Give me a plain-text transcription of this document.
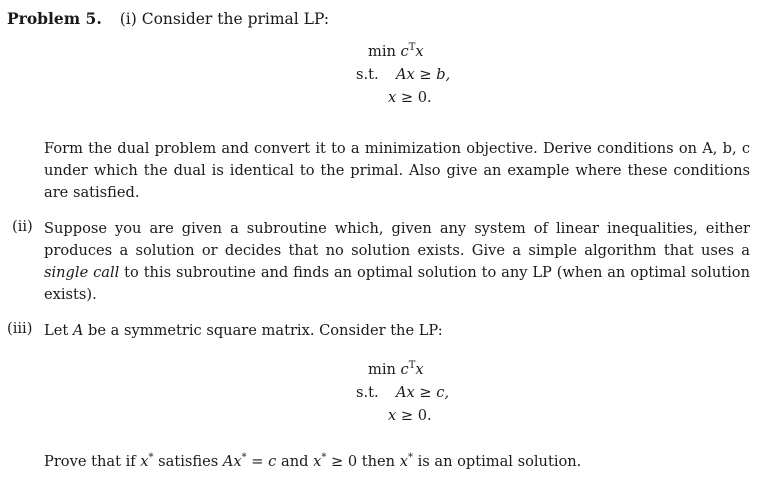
Problem 5. (i) Consider the primal LP:
$\min c^Tx$
s.t. Ax ≥ b,
x ≥ 0.
Form the dual problem and convert it to a minimization objective. Derive conditions on A, b, c under which the dual is identical to the primal. Also give an example where these conditions are satisfied.
(ii) Suppose you are given a subroutine which, given any system of linear inequalities, either produces a solution or decides that no solution exists. Give a simple algorithm that uses a single call to this subroutine and finds an optimal solution to any LP (when an optimal solution exists).
(iii) Let A be a symmetric square matrix. Consider the LP:
$\min c^Tx$
s.t. Ax ≥ c,
x ≥ 0.
Prove that if x* satisfies Ax* = c and x* ≥ 0 then x* is an optimal solution.
